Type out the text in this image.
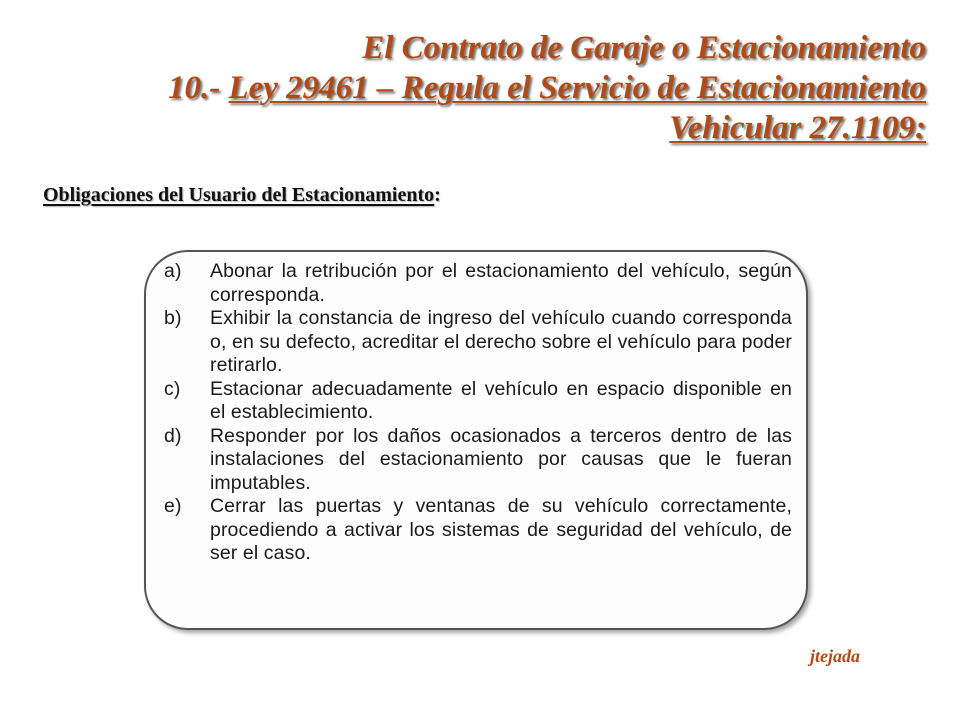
El Contrato de Garaje o Estacionamiento
10.- Ley 29461 – Regula el Servicio de Estacionamiento
Vehicular 27.1109:
Obligaciones del Usuario del Estacionamiento:
a)	Abonar la retribución por el estacionamiento del vehículo, según corresponda.
b)	Exhibir la constancia de ingreso del vehículo cuando corresponda o, en su defecto, acreditar el derecho sobre el vehículo para poder retirarlo.
c)	Estacionar adecuadamente el vehículo en espacio disponible en el establecimiento.
d)	Responder por los daños ocasionados a terceros dentro de las instalaciones del estacionamiento por causas que le fueran imputables.
e)	Cerrar las puertas y ventanas de su vehículo correctamente, procediendo a activar los sistemas de seguridad del vehículo, de ser el caso.
jtejada
